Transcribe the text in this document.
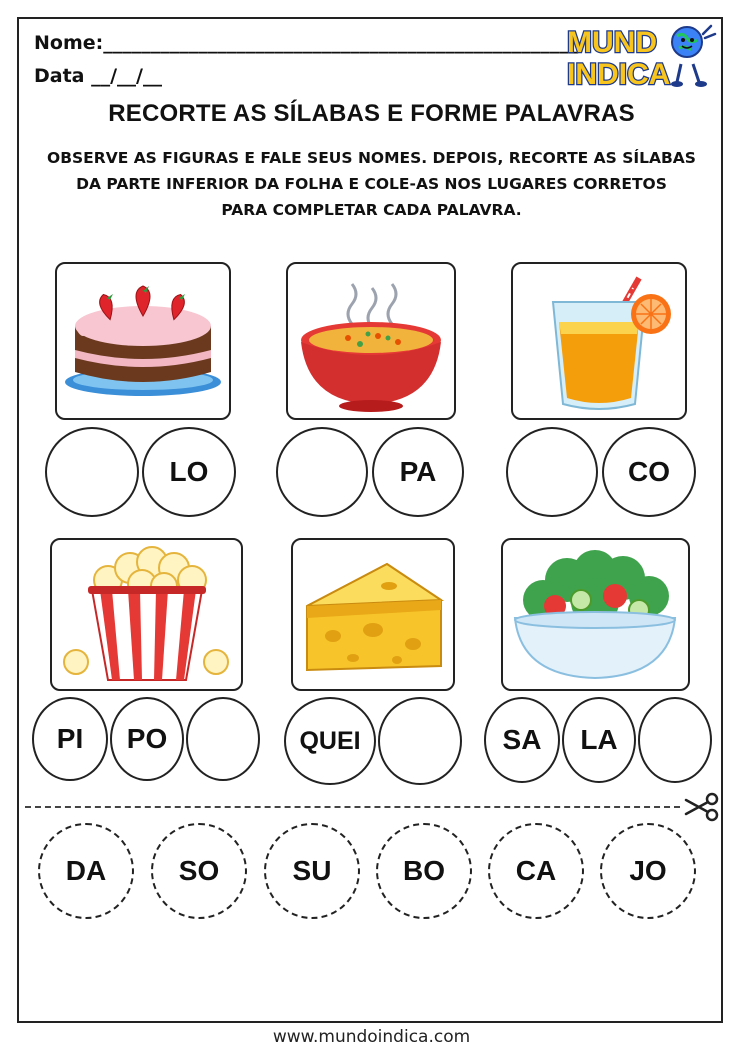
Nome:__________________________________________________
Data __/__/__
MUND
INDICA
RECORTE AS SÍLABAS E FORME PALAVRAS
OBSERVE AS FIGURAS E FALE SEUS NOMES. DEPOIS, RECORTE AS SÍLABAS
DA PARTE INFERIOR DA FOLHA E COLE-AS NOS LUGARES CORRETOS
PARA COMPLETAR CADA PALAVRA.
LO	PA	CO
PI	PO	QUEI	SA	LA
DA	SO	SU	BO	CA	JO
www.mundoindica.com
